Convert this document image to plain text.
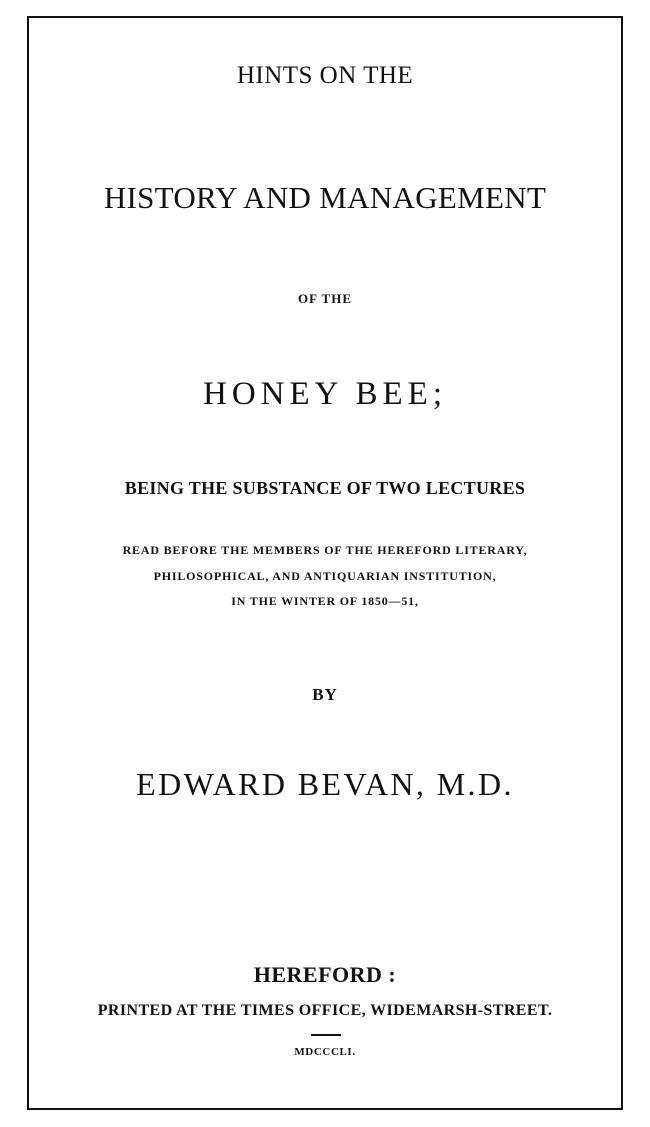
HINTS ON THE
HISTORY AND MANAGEMENT
OF THE
HONEY BEE;
BEING THE SUBSTANCE OF TWO LECTURES
READ BEFORE THE MEMBERS OF THE HEREFORD LITERARY,
PHILOSOPHICAL, AND ANTIQUARIAN INSTITUTION,
IN THE WINTER OF 1850—51,
BY
EDWARD BEVAN, M.D.
HEREFORD :
PRINTED AT THE TIMES OFFICE, WIDEMARSH-STREET.
MDCCCLI.
